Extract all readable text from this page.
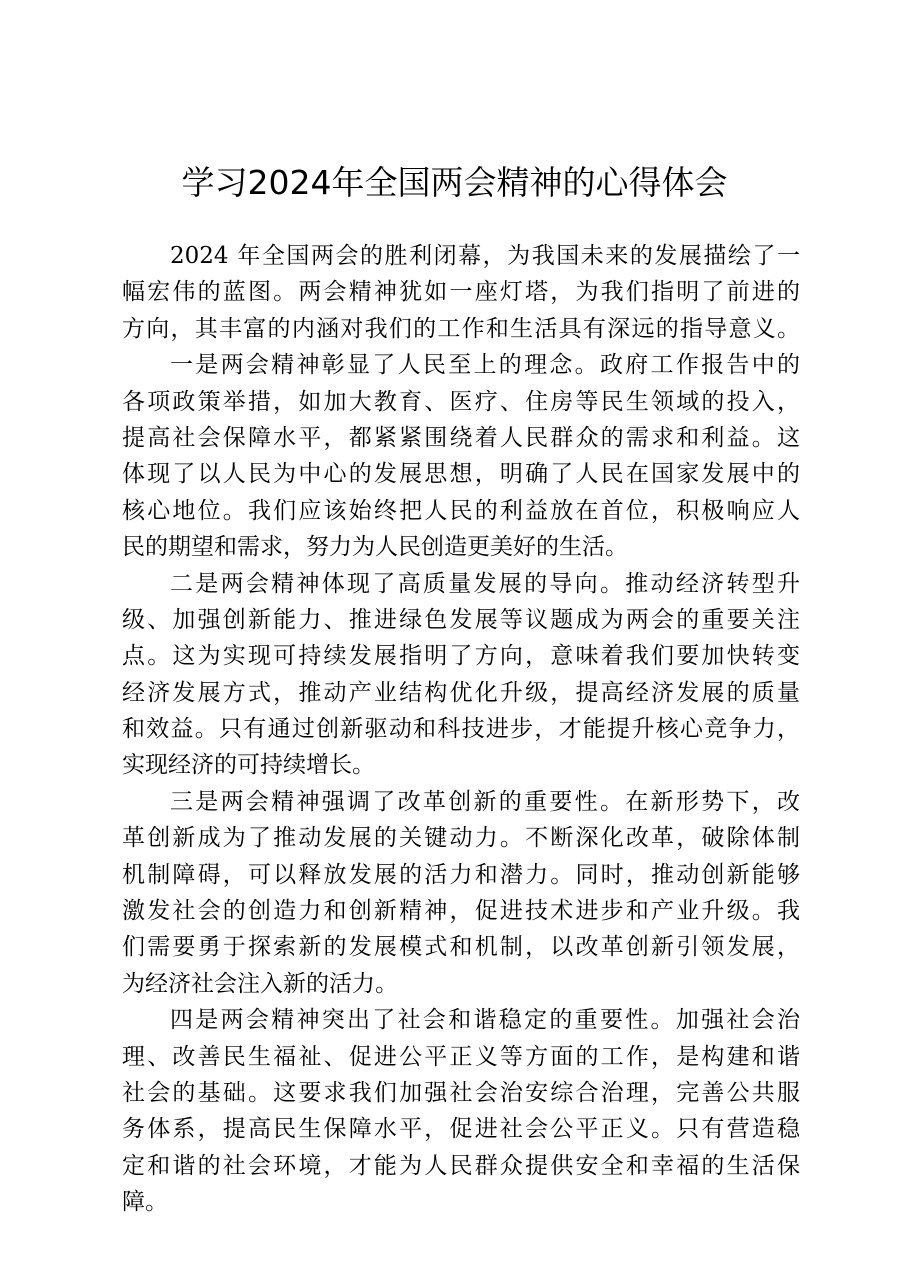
学习2024年全国两会精神的心得体会
2024 年全国两会的胜利闭幕，为我国未来的发展描绘了一
幅宏伟的蓝图。两会精神犹如一座灯塔，为我们指明了前进的
方向，其丰富的内涵对我们的工作和生活具有深远的指导意义。
一是两会精神彰显了人民至上的理念。政府工作报告中的
各项政策举措，如加大教育、医疗、住房等民生领域的投入，
提高社会保障水平，都紧紧围绕着人民群众的需求和利益。这
体现了以人民为中心的发展思想，明确了人民在国家发展中的
核心地位。我们应该始终把人民的利益放在首位，积极响应人
民的期望和需求，努力为人民创造更美好的生活。
二是两会精神体现了高质量发展的导向。推动经济转型升
级、加强创新能力、推进绿色发展等议题成为两会的重要关注
点。这为实现可持续发展指明了方向，意味着我们要加快转变
经济发展方式，推动产业结构优化升级，提高经济发展的质量
和效益。只有通过创新驱动和科技进步，才能提升核心竞争力，
实现经济的可持续增长。
三是两会精神强调了改革创新的重要性。在新形势下，改
革创新成为了推动发展的关键动力。不断深化改革，破除体制
机制障碍，可以释放发展的活力和潜力。同时，推动创新能够
激发社会的创造力和创新精神，促进技术进步和产业升级。我
们需要勇于探索新的发展模式和机制，以改革创新引领发展，
为经济社会注入新的活力。
四是两会精神突出了社会和谐稳定的重要性。加强社会治
理、改善民生福祉、促进公平正义等方面的工作，是构建和谐
社会的基础。这要求我们加强社会治安综合治理，完善公共服
务体系，提高民生保障水平，促进社会公平正义。只有营造稳
定和谐的社会环境，才能为人民群众提供安全和幸福的生活保
障。
